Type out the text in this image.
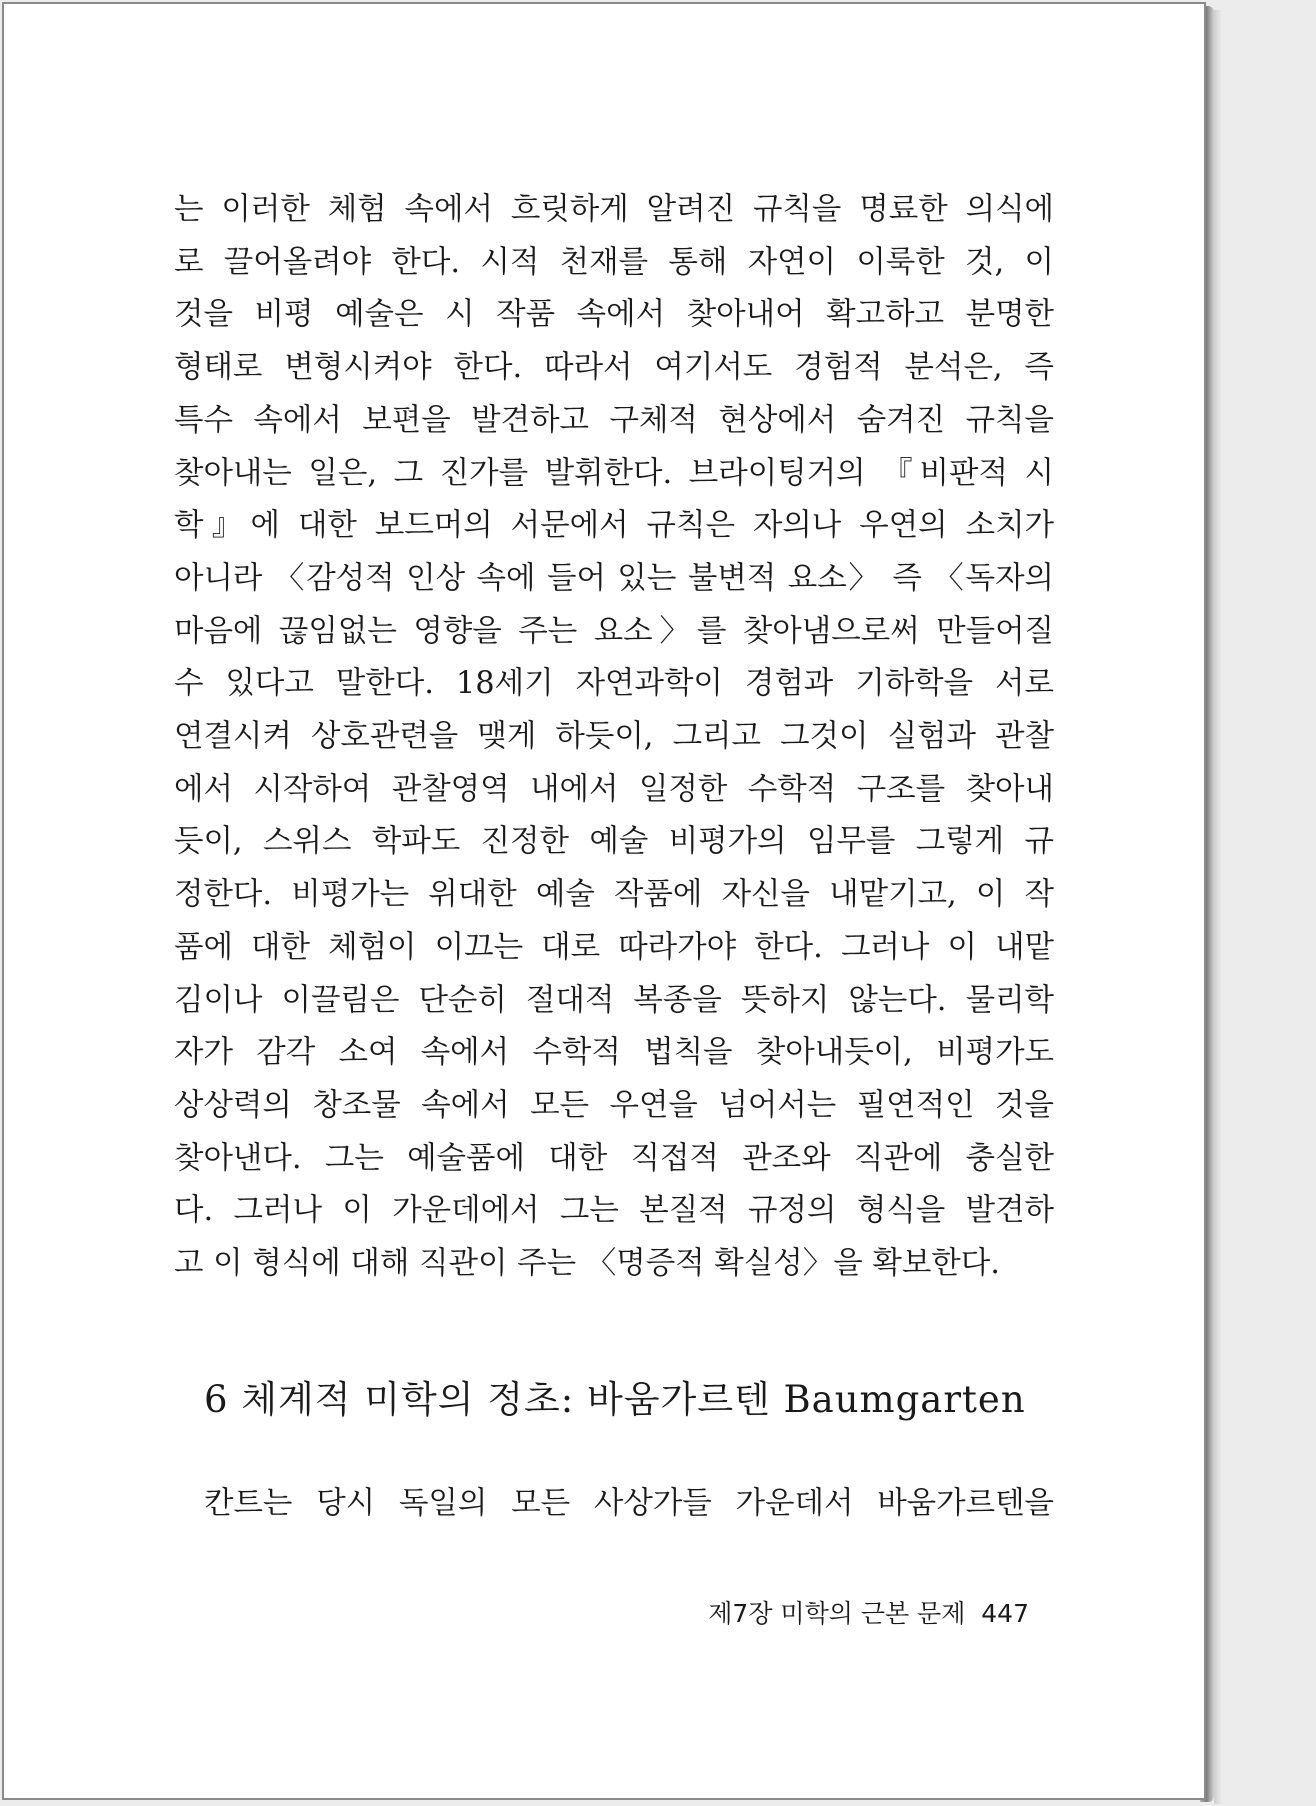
는 이러한 체험 속에서 흐릿하게 알려진 규칙을 명료한 의식에
로 끌어올려야 한다. 시적 천재를 통해 자연이 이룩한 것, 이
것을 비평 예술은 시 작품 속에서 찾아내어 확고하고 분명한
형태로 변형시켜야 한다. 따라서 여기서도 경험적 분석은, 즉
특수 속에서 보편을 발견하고 구체적 현상에서 숨겨진 규칙을
찾아내는 일은, 그 진가를 발휘한다. 브라이팅거의 『비판적 시
학』에 대한 보드머의 서문에서 규칙은 자의나 우연의 소치가
아니라 〈감성적 인상 속에 들어 있는 불변적 요소〉 즉 〈독자의
마음에 끊임없는 영향을 주는 요소〉를 찾아냄으로써 만들어질
수 있다고 말한다. 18세기 자연과학이 경험과 기하학을 서로
연결시켜 상호관련을 맺게 하듯이, 그리고 그것이 실험과 관찰
에서 시작하여 관찰영역 내에서 일정한 수학적 구조를 찾아내
듯이, 스위스 학파도 진정한 예술 비평가의 임무를 그렇게 규
정한다. 비평가는 위대한 예술 작품에 자신을 내맡기고, 이 작
품에 대한 체험이 이끄는 대로 따라가야 한다. 그러나 이 내맡
김이나 이끌림은 단순히 절대적 복종을 뜻하지 않는다. 물리학
자가 감각 소여 속에서 수학적 법칙을 찾아내듯이, 비평가도
상상력의 창조물 속에서 모든 우연을 넘어서는 필연적인 것을
찾아낸다. 그는 예술품에 대한 직접적 관조와 직관에 충실한
다. 그러나 이 가운데에서 그는 본질적 규정의 형식을 발견하
고 이 형식에 대해 직관이 주는 〈명증적 확실성〉을 확보한다.
6 체계적 미학의 정초: 바움가르텐 Baumgarten

칸트는 당시 독일의 모든 사상가들 가운데서 바움가르텐을

제7장 미학의 근본 문제 447
